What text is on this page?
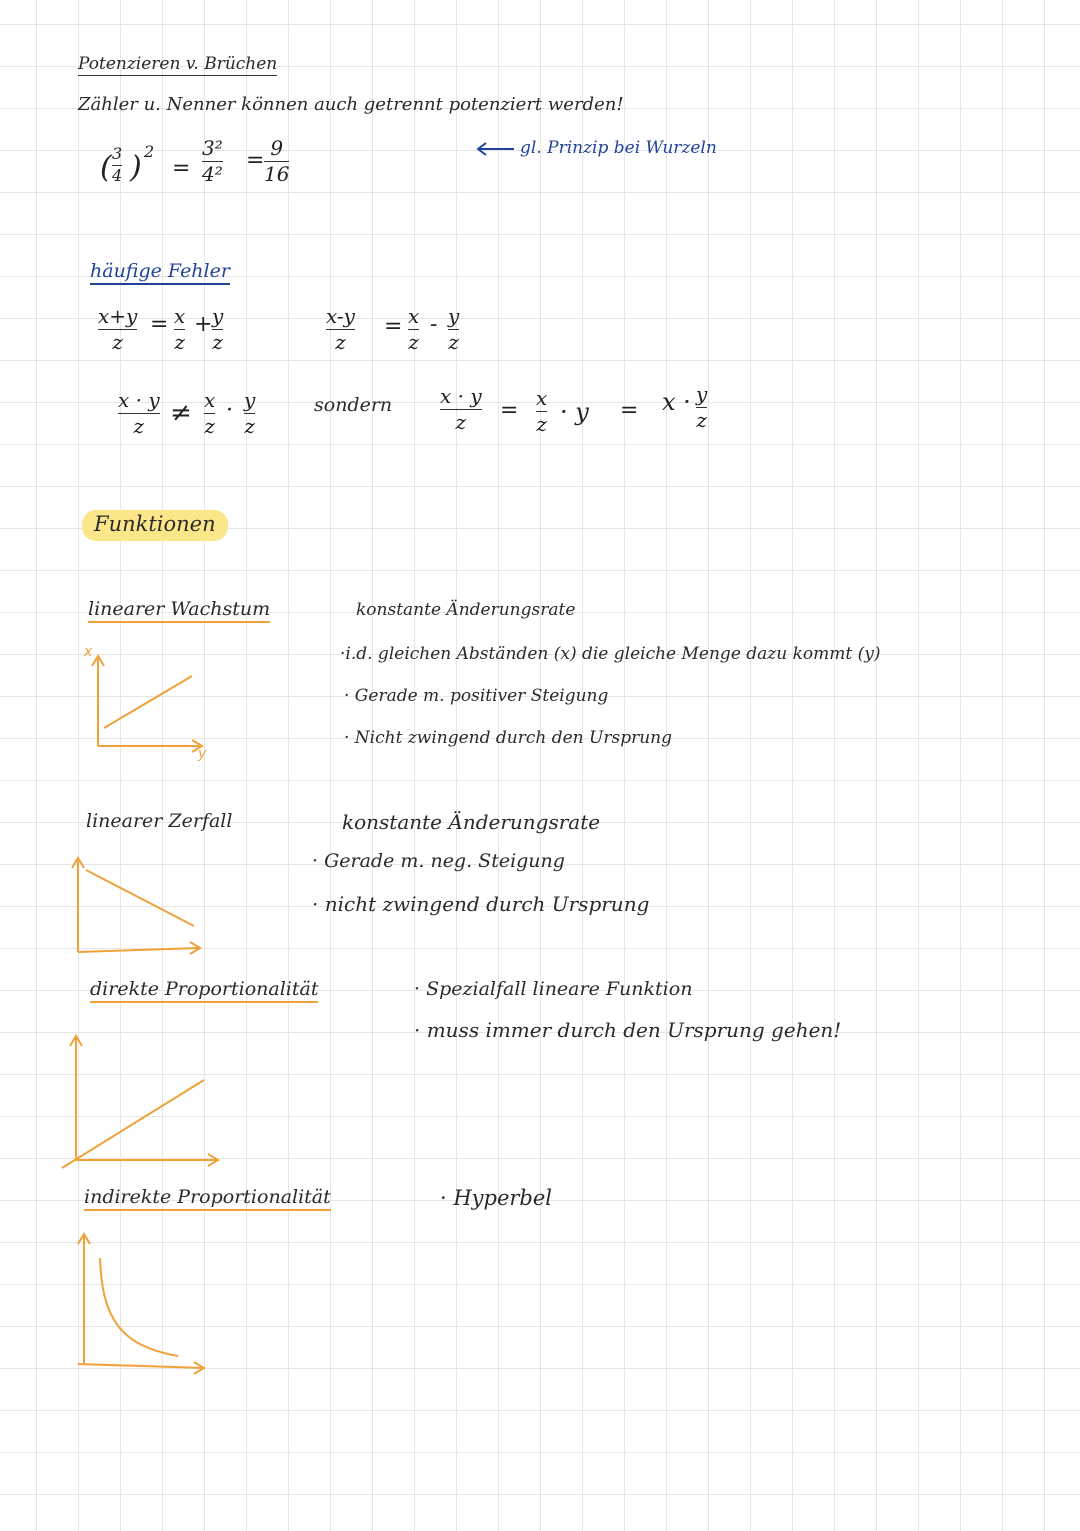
Potenzieren v. Brüchen
Zähler u. Nenner können auch getrennt potenziert werden!
( 3
4 ) 2
=
3²
4²
= 9
16
gl. Prinzip bei Wurzeln
häufige Fehler
x+y
z
= x
z
+ y
z
x-y
z
= x
z
- y
z
x · y
z ≠ x
z
· y
z
sondern x · y
z = x
z · y = x · y
z
Funktionen
linearer Wachstum
x
y
konstante Änderungsrate
·i.d. gleichen Abständen (x) die gleiche Menge dazu kommt (y)
· Gerade m. positiver Steigung
· Nicht zwingend durch den Ursprung
linearer Zerfall	konstante Änderungsrate
· Gerade m. neg. Steigung
· nicht zwingend durch Ursprung
direkte Proportionalität	· Spezialfall lineare Funktion
· muss immer durch den Ursprung gehen!
indirekte Proportionalität	· Hyperbel
